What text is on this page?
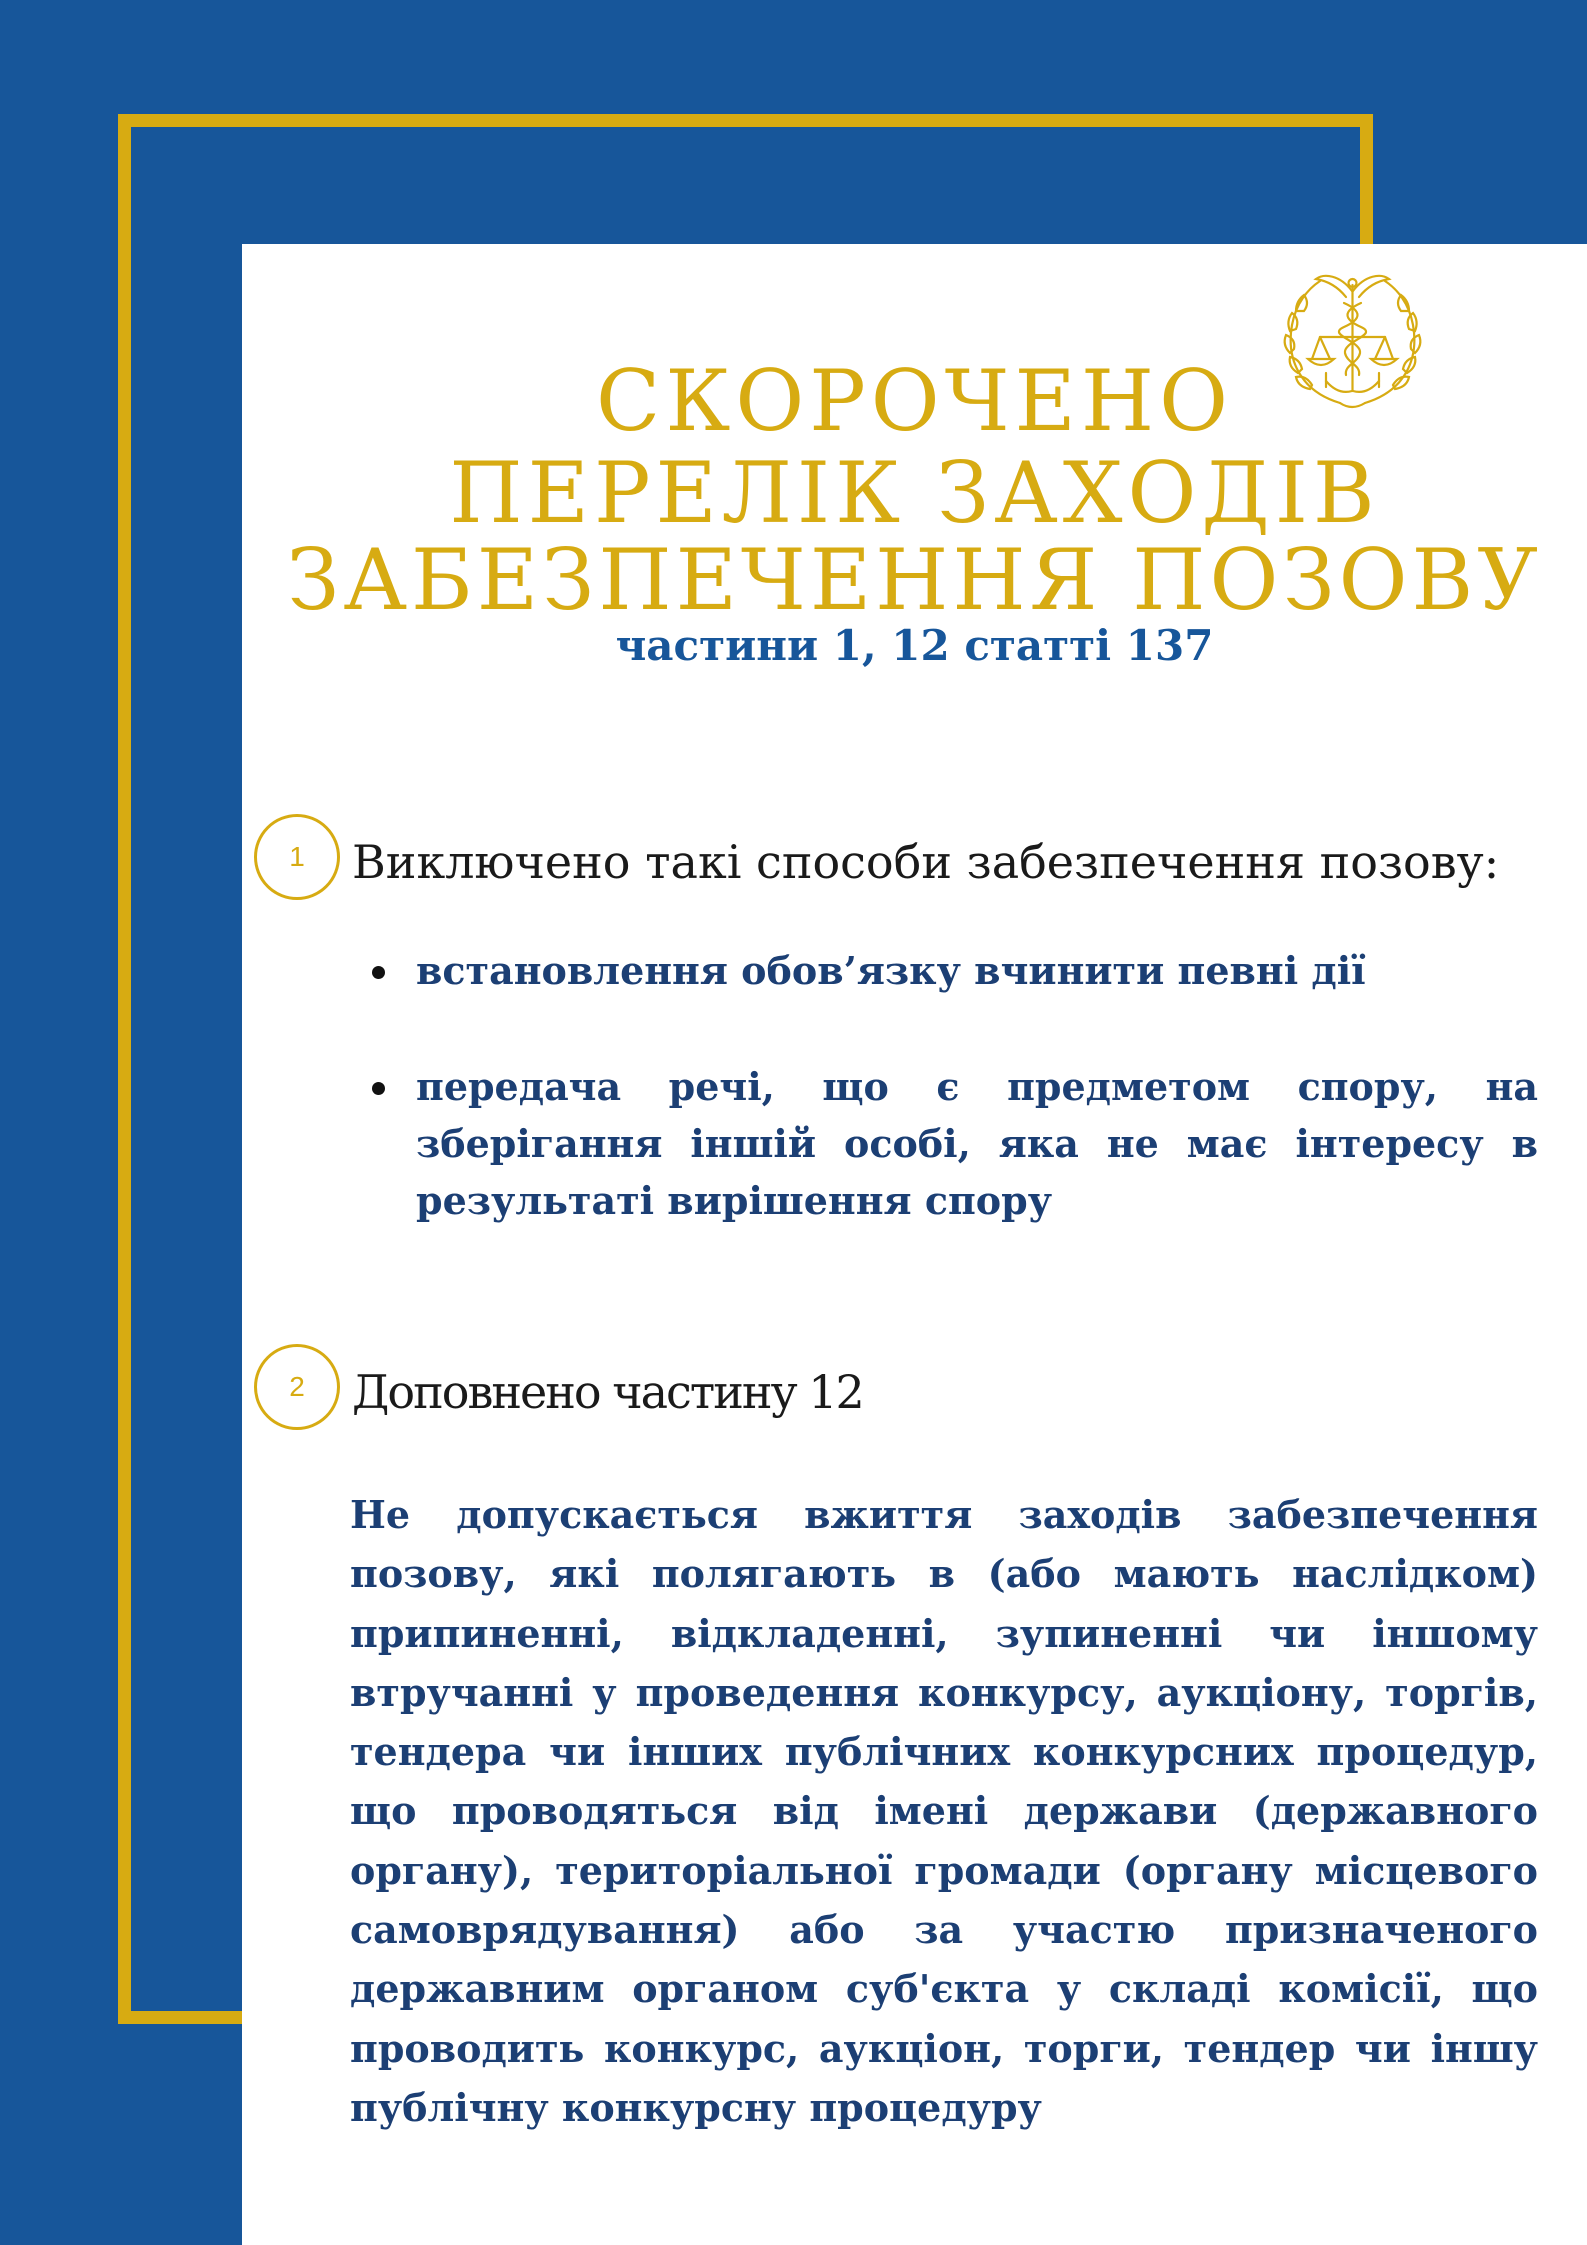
СКОРОЧЕНО
ПЕРЕЛІК ЗАХОДІВ
ЗАБЕЗПЕЧЕННЯ ПОЗОВУ
частини 1, 12 статті 137
1	Виключено такі способи забезпечення позову:
встановлення обов’язку вчинити певні дії
передача речі, що є предметом спору, на зберігання іншій особі, яка не має інтересу в результаті вирішення спору
2	Доповнено частину 12

Не допускається вжиття заходів забезпечення позову, які полягають в (або мають наслідком) припиненні, відкладенні, зупиненні чи іншому втручанні у проведення конкурсу, аукціону, торгів, тендера чи інших публічних конкурсних процедур, що проводяться від імені держави (державного органу), територіальної громади (органу місцевого самоврядування) або за участю призначеного державним органом суб'єкта у складі комісії, що проводить конкурс, аукціон, торги, тендер чи іншу публічну конкурсну процедуру
